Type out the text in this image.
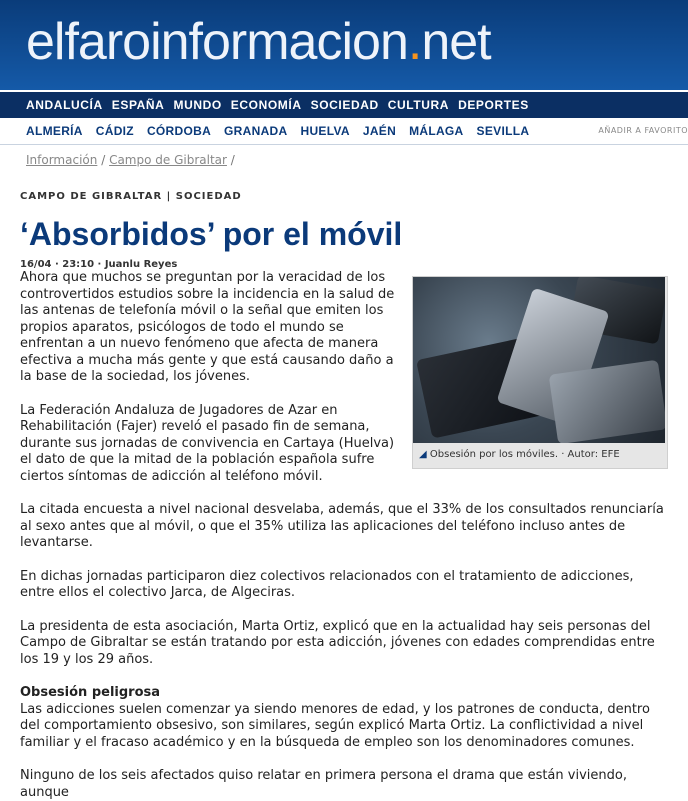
elfaroinformacion.net
ANDALUCÍA ESPAÑA MUNDO ECONOMÍA SOCIEDAD CULTURA DEPORTES
ALMERÍA CÁDIZ CÓRDOBA GRANADA HUELVA JAÉN MÁLAGA SEVILLA	AÑADIR A FAVORITO
Información / Campo de Gibraltar /
CAMPO DE GIBRALTAR | SOCIEDAD
‘Absorbidos’ por el móvil
16/04 · 23:10 · Juanlu Reyes
◢ Obsesión por los móviles. · Autor: EFE

Ahora que muchos se preguntan por la veracidad de los controvertidos estudios sobre la incidencia en la salud de las antenas de telefonía móvil o la señal que emiten los propios aparatos, psicólogos de todo el mundo se enfrentan a un nuevo fenómeno que afecta de manera efectiva a mucha más gente y que está causando daño a la base de la sociedad, los jóvenes.

La Federación Andaluza de Jugadores de Azar en Rehabilitación (Fajer) reveló el pasado fin de semana, durante sus jornadas de convivencia en Cartaya (Huelva) el dato de que la mitad de la población española sufre ciertos síntomas de adicción al teléfono móvil.

La citada encuesta a nivel nacional desvelaba, además, que el 33% de los consultados renunciaría al sexo antes que al móvil, o que el 35% utiliza las aplicaciones del teléfono incluso antes de levantarse.

En dichas jornadas participaron diez colectivos relacionados con el tratamiento de adicciones, entre ellos el colectivo Jarca, de Algeciras.

La presidenta de esta asociación, Marta Ortiz, explicó que en la actualidad hay seis personas del Campo de Gibraltar se están tratando por esta adicción, jóvenes con edades comprendidas entre los 19 y los 29 años.

Obsesión peligrosa

Las adicciones suelen comenzar ya siendo menores de edad, y los patrones de conducta, dentro del comportamiento obsesivo, son similares, según explicó Marta Ortiz. La conflictividad a nivel familiar y el fracaso académico y en la búsqueda de empleo son los denominadores comunes.

Ninguno de los seis afectados quiso relatar en primera persona el drama que están viviendo, aunque
